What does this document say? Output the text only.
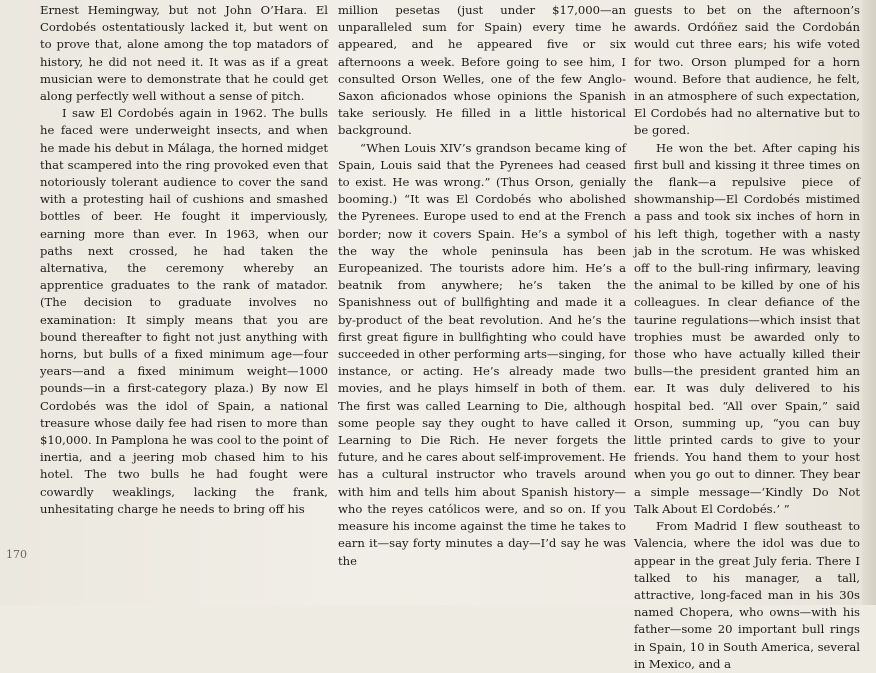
Ernest Hemingway, but not John O’Hara. El Cordobés ostentatiously lacked it, but went on to prove that, alone among the top matadors of history, he did not need it. It was as if a great musician were to demonstrate that he could get along perfectly well without a sense of pitch.

I saw El Cordobés again in 1962. The bulls he faced were underweight insects, and when he made his debut in Málaga, the horned midget that scampered into the ring provoked even that notoriously tolerant audience to cover the sand with a protesting hail of cushions and smashed bottles of beer. He fought it imperviously, earning more than ever. In 1963, when our paths next crossed, he had taken the alternativa, the ceremony whereby an apprentice graduates to the rank of matador. (The decision to graduate involves no examination: It simply means that you are bound thereafter to fight not just anything with horns, but bulls of a fixed minimum age—four years—and a fixed minimum weight—1000 pounds—in a first-category plaza.) By now El Cordobés was the idol of Spain, a national treasure whose daily fee had risen to more than $10,000. In Pamplona he was cool to the point of inertia, and a jeering mob chased him to his hotel. The two bulls he had fought were cowardly weaklings, lacking the frank, unhesitating charge he needs to bring off his

million pesetas (just under $17,000—an unparalleled sum for Spain) every time he appeared, and he appeared five or six afternoons a week. Before going to see him, I consulted Orson Welles, one of the few Anglo-Saxon aficionados whose opinions the Spanish take seriously. He filled in a little historical background.

“When Louis XIV’s grandson became king of Spain, Louis said that the Pyrenees had ceased to exist. He was wrong.” (Thus Orson, genially booming.) “It was El Cordobés who abolished the Pyrenees. Europe used to end at the French border; now it covers Spain. He’s a symbol of the way the whole peninsula has been Europeanized. The tourists adore him. He’s a beatnik from anywhere; he’s taken the Spanishness out of bullfighting and made it a by-product of the beat revolution. And he’s the first great figure in bullfighting who could have succeeded in other performing arts—singing, for instance, or acting. He’s already made two movies, and he plays himself in both of them. The first was called Learning to Die, although some people say they ought to have called it Learning to Die Rich. He never forgets the future, and he cares about self-improvement. He has a cultural instructor who travels around with him and tells him about Spanish history—who the reyes católicos were, and so on. If you measure his income against the time he takes to earn it—say forty minutes a day—I’d say he was the

guests to bet on the afternoon’s awards. Ordóñez said the Cordobán would cut three ears; his wife voted for two. Orson plumped for a horn wound. Before that audience, he felt, in an atmosphere of such expectation, El Cordobés had no alternative but to be gored.

He won the bet. After caping his first bull and kissing it three times on the flank—a repulsive piece of showmanship—El Cordobés mistimed a pass and took six inches of horn in his left thigh, together with a nasty jab in the scrotum. He was whisked off to the bull-ring infirmary, leaving the animal to be killed by one of his colleagues. In clear defiance of the taurine regulations—which insist that trophies must be awarded only to those who have actually killed their bulls—the president granted him an ear. It was duly delivered to his hospital bed. “All over Spain,” said Orson, summing up, “you can buy little printed cards to give to your friends. You hand them to your host when you go out to dinner. They bear a simple message—‘Kindly Do Not Talk About El Cordobés.’ ”

From Madrid I flew southeast to Valencia, where the idol was due to appear in the great July feria. There I talked to his manager, a tall, attractive, long-faced man in his 30s named Chopera, who owns—with his father—some 20 important bull rings in Spain, 10 in South America, several in Mexico, and a

170
